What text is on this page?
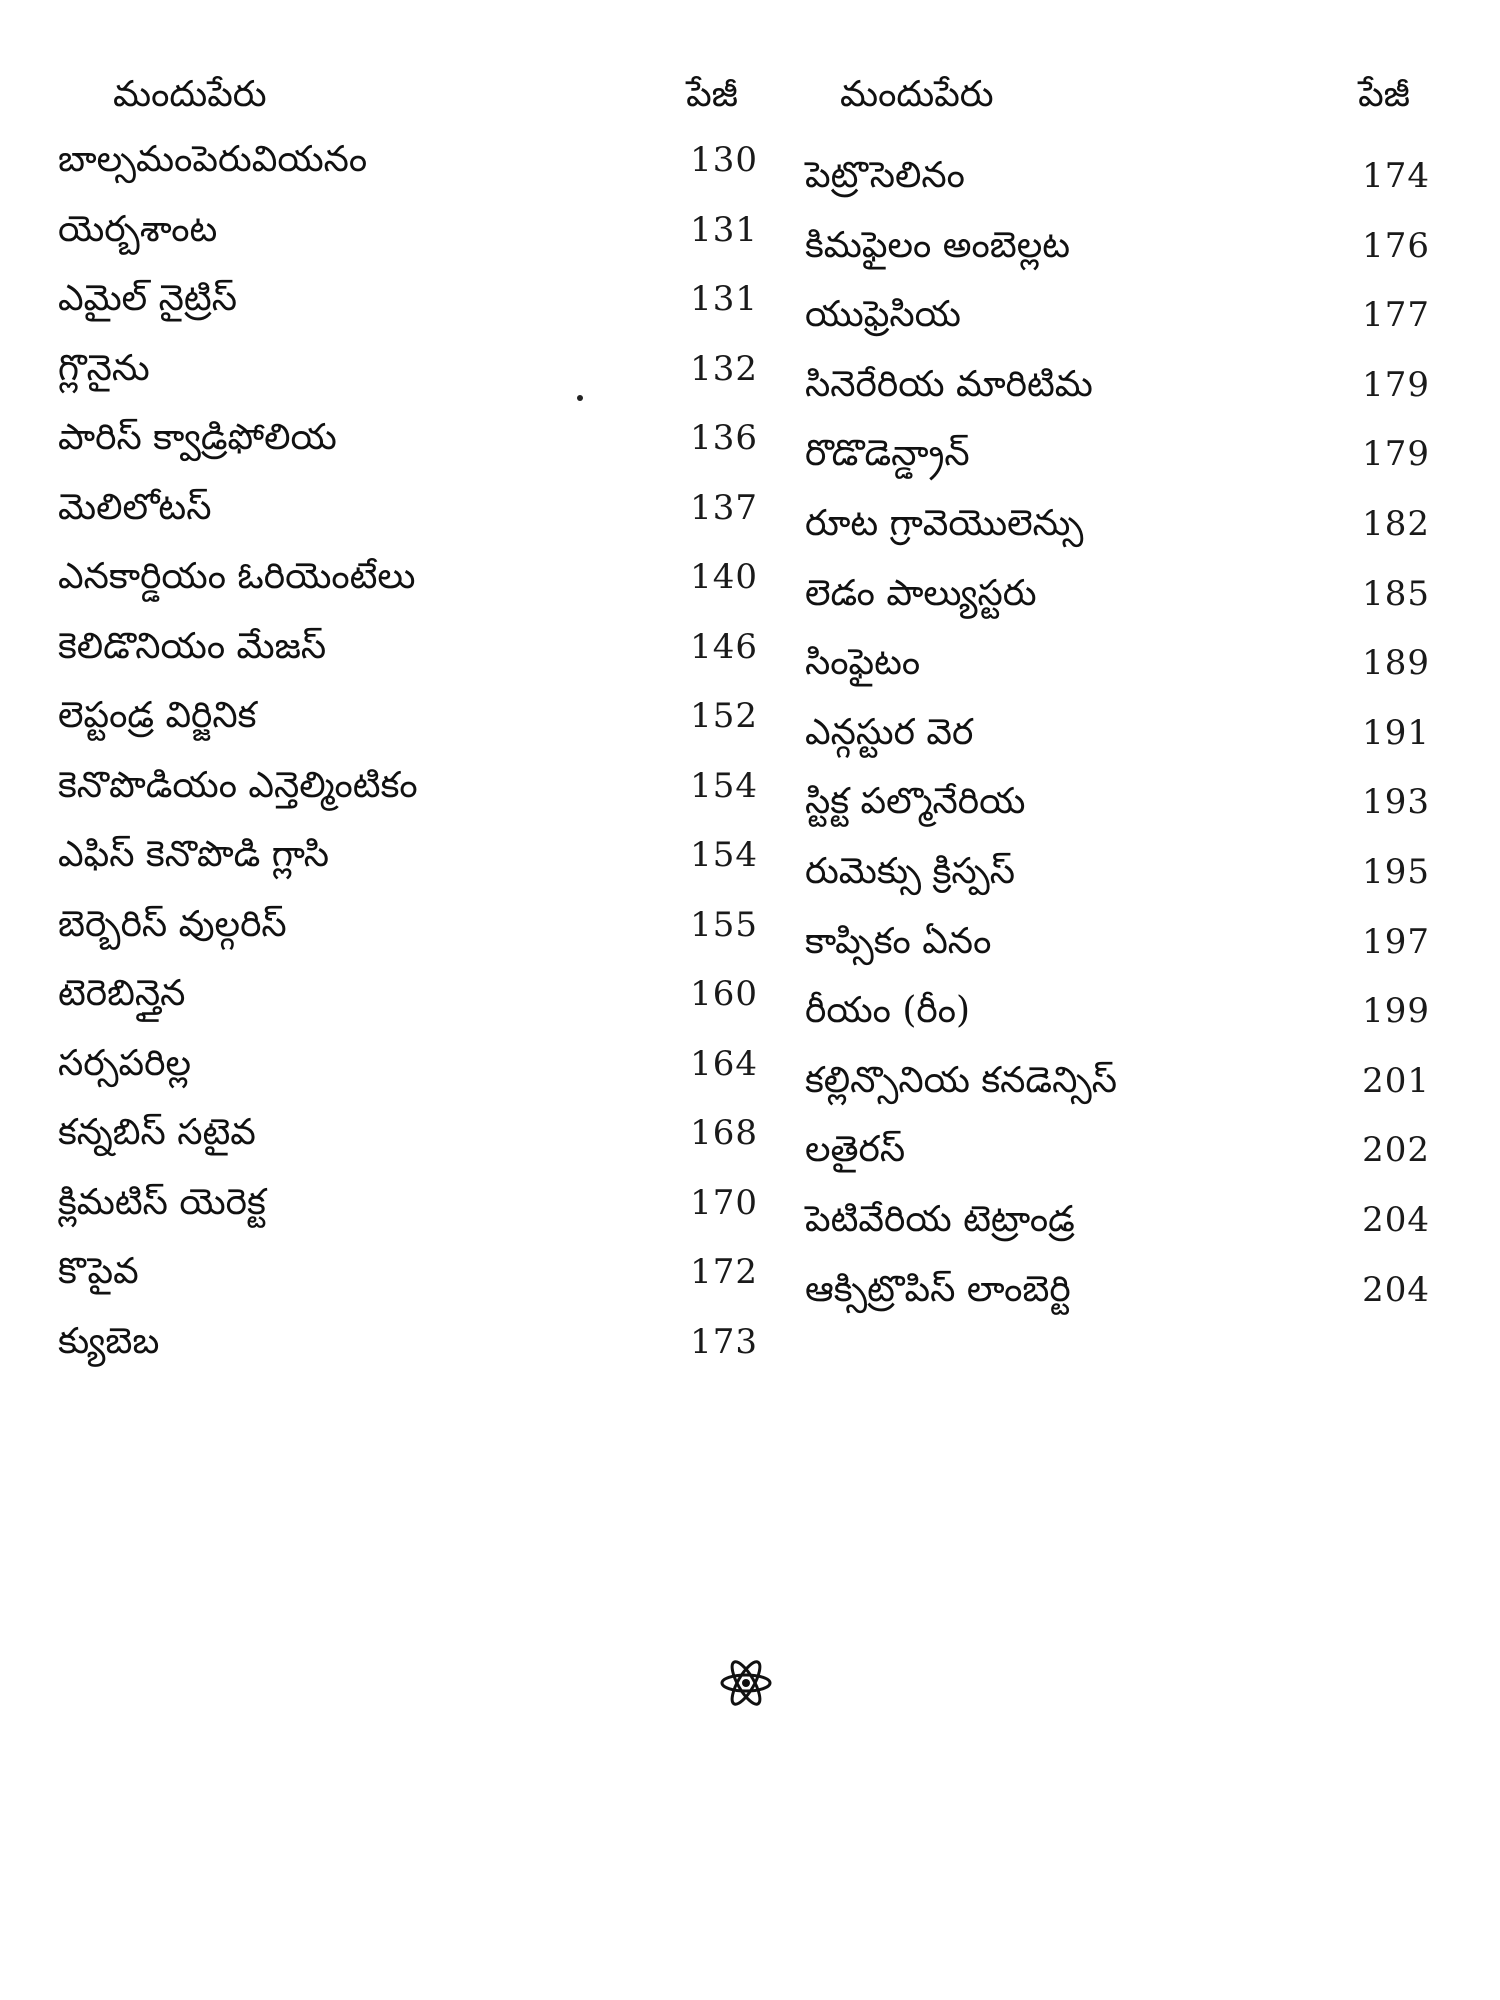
మందుపేరు	పేజీ
బాల్సమంపెరువియనం	130
యెర్బశాంట	131
ఎమైల్ నైట్రిస్	131
గ్లొనైను	132
పారిస్ క్వాడ్రిఫోలియ	136
మెలిలోటస్	137
ఎనకార్డియం ఓరియెంటేలు	140
కెలిడొనియం మేజస్	146
లెప్టండ్ర విర్జినిక	152
కెనొపొడియం ఎన్తెల్మింటికం	154
ఎఫిస్ కెనొపొడి గ్లాసి	154
బెర్బెరిస్ వుల్గరిస్	155
టెరెబిన్తైన	160
సర్సపరిల్ల	164
కన్నబిస్ సటైవ	168
క్లిమటిస్ యెరెక్ట	170
కొపైవ	172
క్యుబెబ	173
మందుపేరు	పేజీ
పెట్రొసెలినం	174
కిమఫైలం అంబెల్లట	176
యుఫ్రెసియ	177
సినెరేరియ మారిటిమ	179
రొడొడెన్డ్రాన్	179
రూట గ్రావెయొలెన్సు	182
లెడం పాల్యుస్టరు	185
సింఫైటం	189
ఎన్గస్టుర వెర	191
స్టిక్ట పల్మొనేరియ	193
రుమెక్సు క్రిస్పస్	195
కాప్సికం ఏనం	197
రీయం (రీం)	199
కల్లిన్సొనియ కనడెన్సిస్	201
లతైరస్	202
పెటివేరియ టెట్రాండ్ర	204
ఆక్సిట్రొపిస్ లాంబెర్టి	204
